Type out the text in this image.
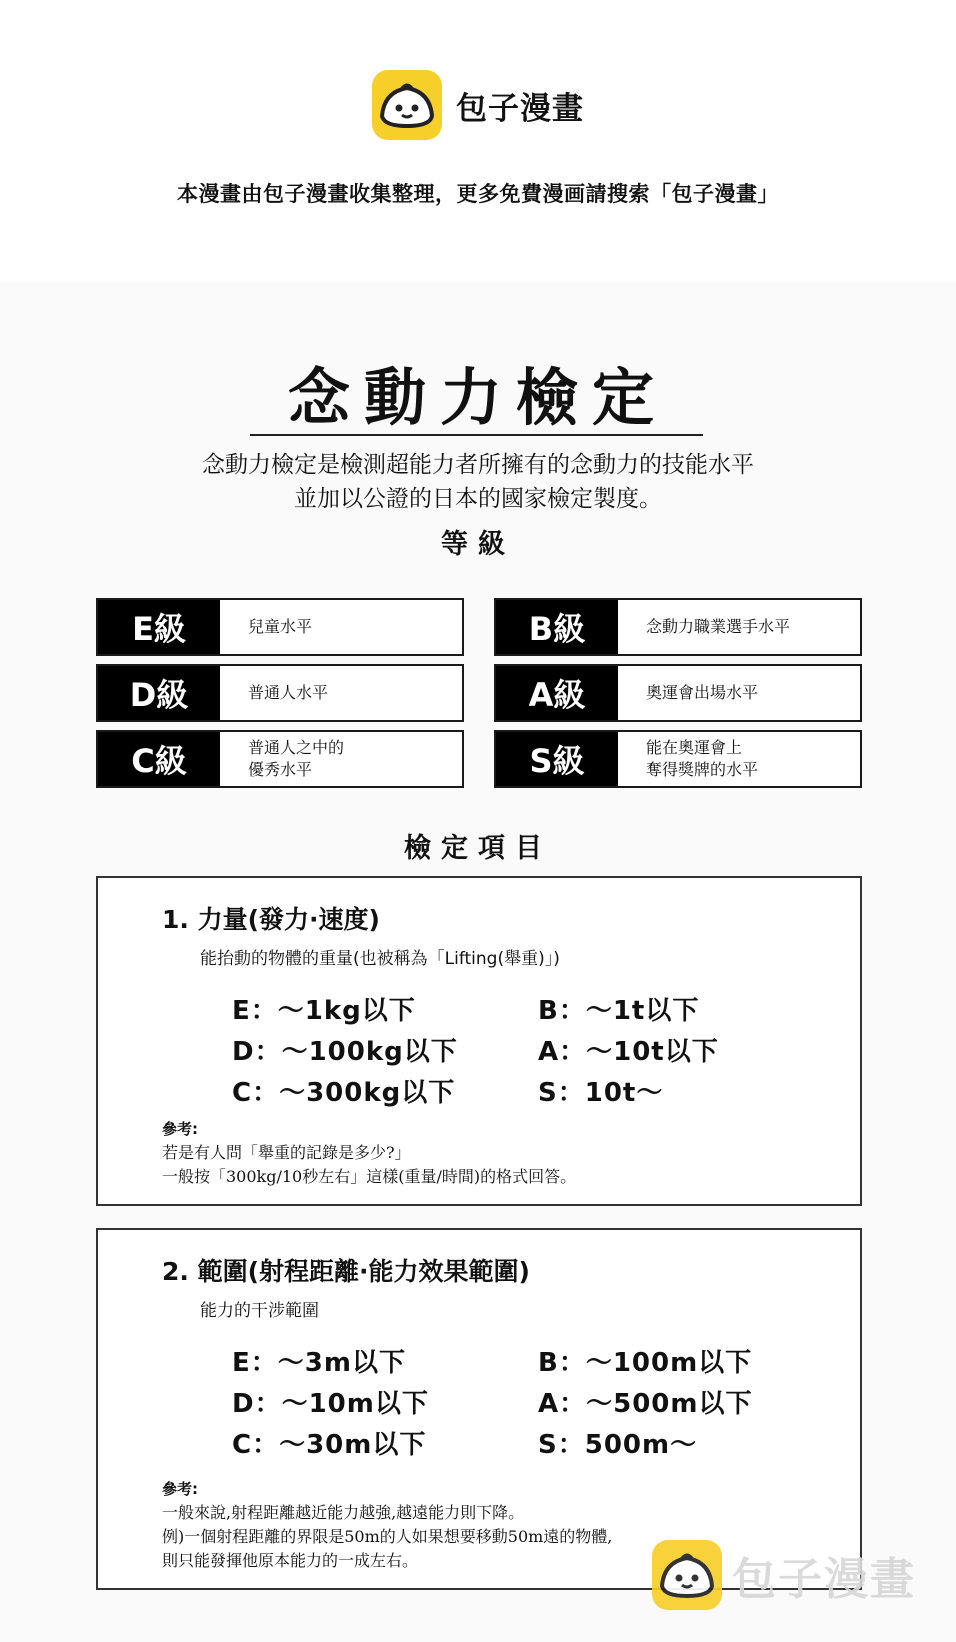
包子漫畫
本漫畫由包子漫畫收集整理，更多免費漫画請搜索「包子漫畫」
念動力檢定
念動力檢定是檢測超能力者所擁有的念動力的技能水平
並加以公證的日本的國家檢定製度。
等級
E級	兒童水平
D級	普通人水平
C級	普通人之中的
優秀水平
B級	念動力職業選手水平
A級	奧運會出場水平
S級	能在奧運會上
奪得獎牌的水平
檢定項目
1. 力量(發力·速度)
能抬動的物體的重量(也被稱為「Lifting(舉重)」)
E：～1kg以下
D：～100kg以下
C：～300kg以下
B：～1t以下
A：～10t以下
S：10t～
參考:
若是有人問「舉重的記錄是多少?」
一般按「300kg/10秒左右」這樣(重量/時間)的格式回答。
2. 範圍(射程距離·能力效果範圍)
能力的干涉範圍
E：～3m以下
D：～10m以下
C：～30m以下
B：～100m以下
A：～500m以下
S：500m～
參考:
一般來說,射程距離越近能力越強,越遠能力則下降。
例)一個射程距離的界限是50m的人如果想要移動50m遠的物體,
則只能發揮他原本能力的一成左右。	包子漫畫
